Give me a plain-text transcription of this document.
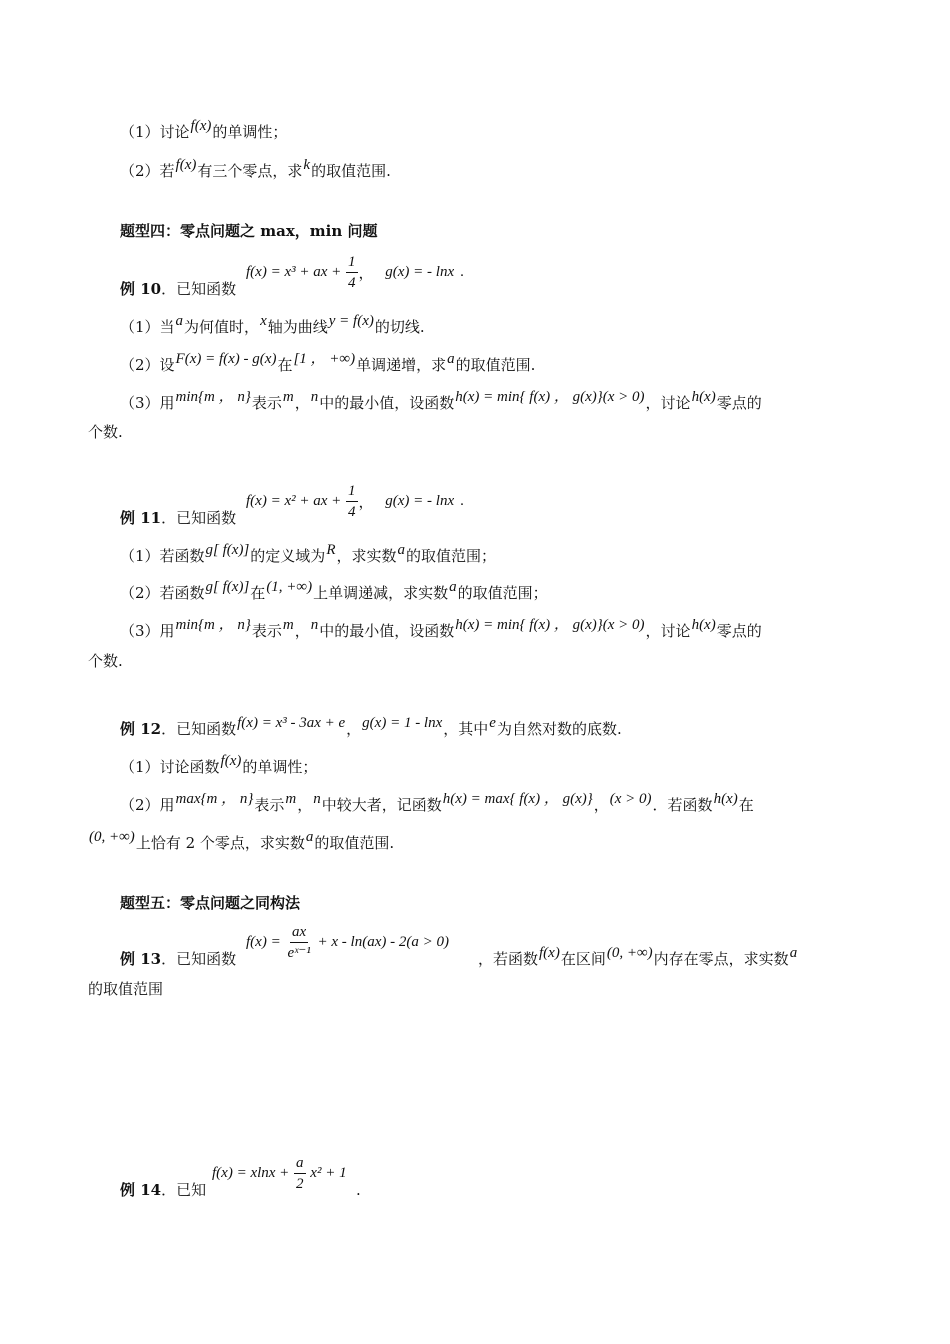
（1）讨论f(x)的单调性；
（2）若f(x)有三个零点，求k的取值范围.
题型四：零点问题之 max，min 问题
例 10．已知函数
f(x) = x³ + ax + $\frac{1}{4}$ ， g(x) = - lnx .
（1）当a为何值时，x轴为曲线y = f(x)的切线.
（2）设F(x) = f(x) - g(x)在[1 ， +∞)单调递增，求a的取值范围.
（3）用min{m ， n}表示m，n中的最小值，设函数h(x) = min{ f(x) ， g(x)}(x > 0)，讨论h(x)零点的
个数.
例 11．已知函数
f(x) = x² + ax + $\frac{1}{4}$ ， g(x) = - lnx .
（1）若函数g[ f(x)]的定义域为R，求实数a的取值范围；
（2）若函数g[ f(x)]在(1, +∞)上单调递减，求实数a的取值范围；
（3）用min{m ， n}表示m，n中的最小值，设函数h(x) = min{ f(x) ， g(x)}(x > 0)，讨论h(x)零点的
个数.
例 12．已知函数f(x) = x³ - 3ax + e，g(x) = 1 - lnx，其中e为自然对数的底数.
（1）讨论函数f(x)的单调性；
（2）用max{m ， n}表示m，n中较大者，记函数h(x) = max{ f(x) ， g(x)}，(x > 0)．若函数h(x)在
(0, +∞)上恰有 2 个零点，求实数a的取值范围.
题型五：零点问题之同构法
例 13．已知函数
$f(x) = \frac{ax}{\text{eˣ⁻¹}} + x - \ln(ax) - 2(a > 0)$
，若函数f(x)在区间(0, +∞)内存在零点，求实数a
的取值范围
例 14．已知
$f(x) = xlnx + \frac{a}{2} x^2 + 1$
.
